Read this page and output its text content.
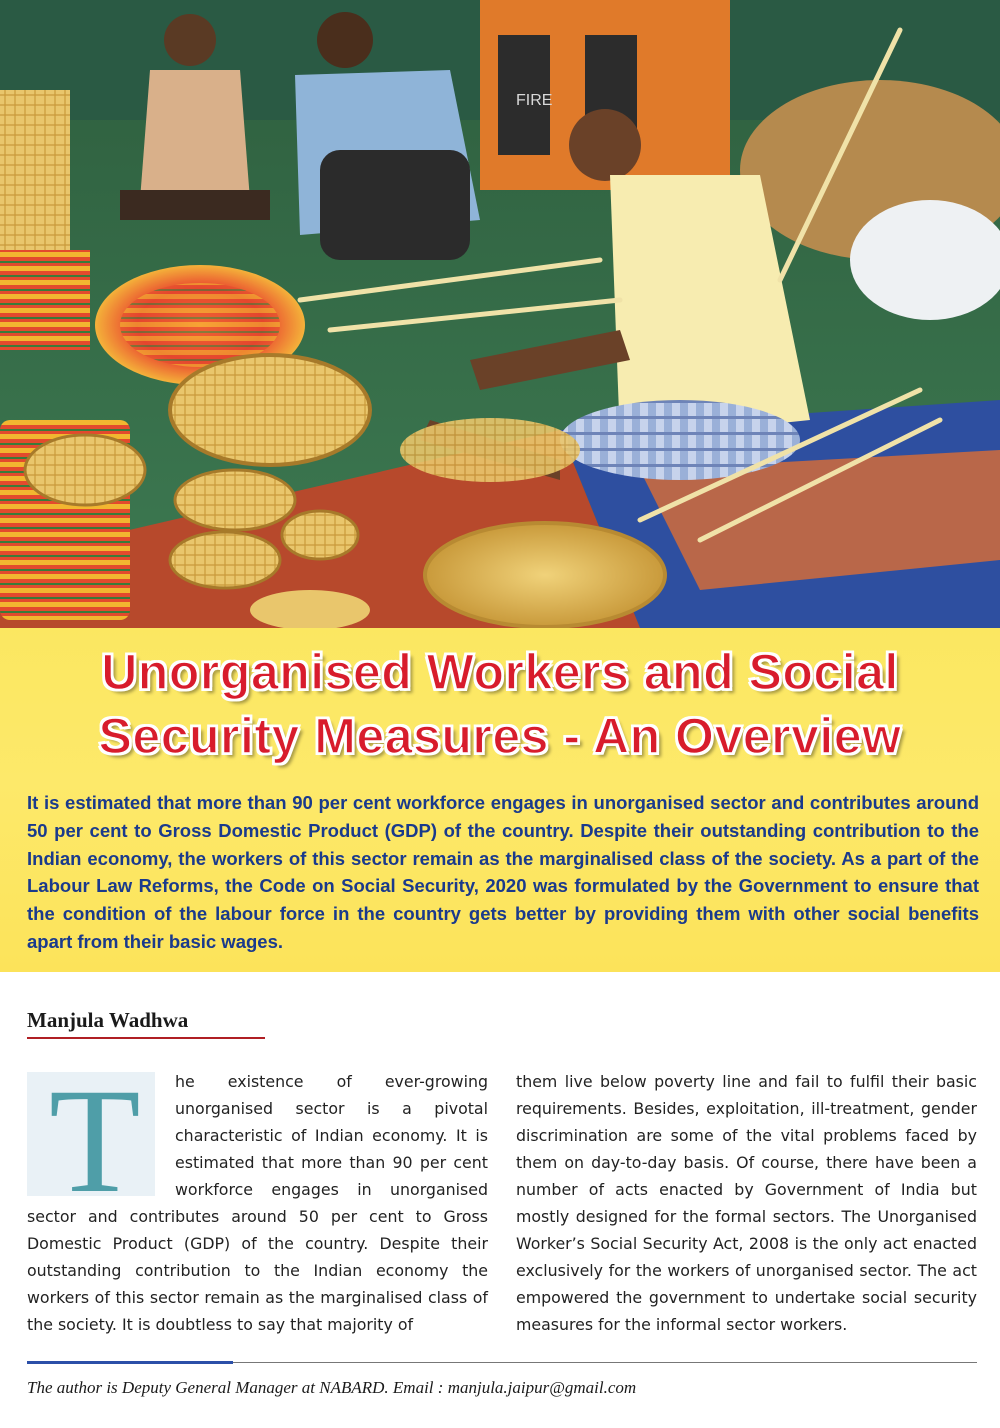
FIRE
Unorganised Workers and Social
Security Measures - An Overview

It is estimated that more than 90 per cent workforce engages in unorganised sector and contributes around 50 per cent to Gross Domestic Product (GDP) of the country. Despite their outstanding contribution to the Indian economy, the workers of this sector remain as the marginalised class of the society. As a part of the Labour Law Reforms, the Code on Social Security, 2020 was formulated by the Government to ensure that the condition of the labour force in the country gets better by providing them with other social benefits apart from their basic wages.

Manjula Wadhwa

T he existence of ever-growing unorganised sector is a pivotal characteristic of Indian economy. It is estimated that more than 90 per cent workforce engages in unorganised sector and contributes around 50 per cent to Gross Domestic Product (GDP) of the country. Despite their outstanding contribution to the Indian economy the workers of this sector remain as the marginalised class of the society. It is doubtless to say that majority of
them live below poverty line and fail to fulfil their basic requirements. Besides, exploitation, ill-treatment, gender discrimination are some of the vital problems faced by them on day-to-day basis. Of course, there have been a number of acts enacted by Government of India but mostly designed for the formal sectors. The Unorganised Worker’s Social Security Act, 2008 is the only act enacted exclusively for the workers of unorganised sector. The act empowered the government to undertake social security measures for the informal sector workers.

The author is Deputy General Manager at NABARD. Email : manjula.jaipur@gmail.com
